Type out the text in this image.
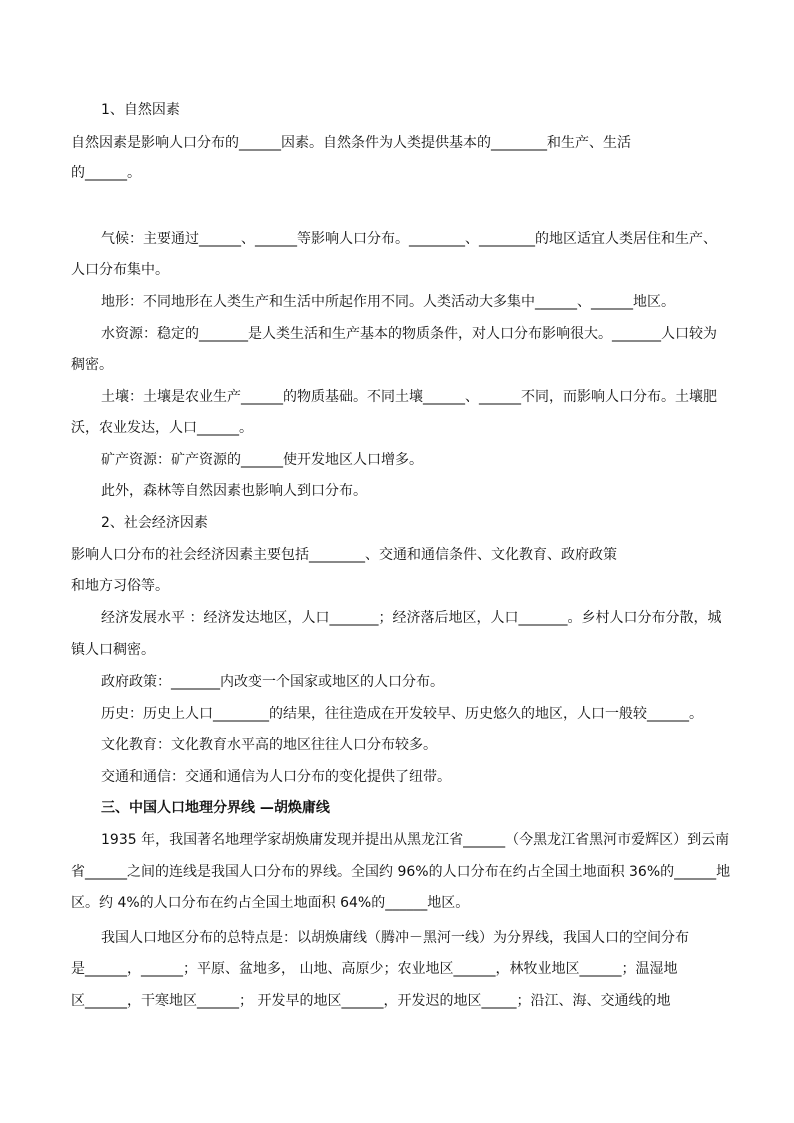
1、自然因素
自然因素是影响人口分布的______因素。自然条件为人类提供基本的________和生产、生活
的______。
气候：主要通过______、______等影响人口分布。________、________的地区适宜人类居住和生产、
人口分布集中。
地形：不同地形在人类生产和生活中所起作用不同。人类活动大多集中______、______地区。
水资源：稳定的_______是人类生活和生产基本的物质条件，对人口分布影响很大。_______人口较为
稠密。
土壤：土壤是农业生产______的物质基础。不同土壤______、______不同，而影响人口分布。土壤肥
沃，农业发达，人口______。
矿产资源：矿产资源的______使开发地区人口增多。
此外，森林等自然因素也影响人到口分布。
2、社会经济因素
影响人口分布的社会经济因素主要包括________、交通和通信条件、文化教育、政府政策
和地方习俗等。
经济发展水平 ：经济发达地区，人口_______；经济落后地区，人口_______。乡村人口分布分散，城
镇人口稠密。
政府政策：_______内改变一个国家或地区的人口分布。
历史：历史上人口________的结果，往往造成在开发较早、历史悠久的地区，人口一般较______。
文化教育：文化教育水平高的地区往往人口分布较多。
交通和通信：交通和通信为人口分布的变化提供了纽带。
三、中国人口地理分界线 —胡焕庸线
1935 年，我国著名地理学家胡焕庸发现并提出从黑龙江省______（今黑龙江省黑河市爱辉区）到云南
省______之间的连线是我国人口分布的界线。全国约 96%的人口分布在约占全国土地面积 36%的______地
区。约 4%的人口分布在约占全国土地面积 64%的______地区。
我国人口地区分布的总特点是：以胡焕庸线（腾冲－黑河一线）为分界线，我国人口的空间分布
是______，______；平原、盆地多， 山地、高原少；农业地区______，林牧业地区______；温湿地
区______，干寒地区______； 开发早的地区______，开发迟的地区_____；沿江、海、交通线的地
